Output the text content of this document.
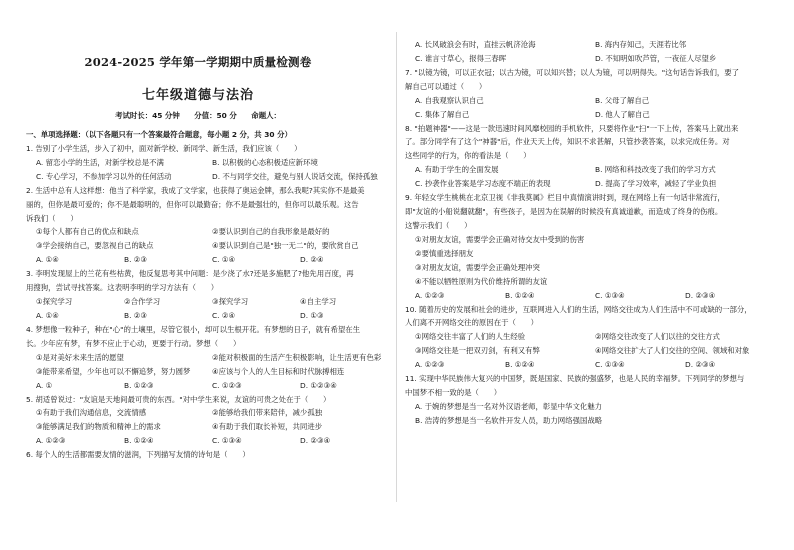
2024-2025 学年第一学期期中质量检测卷
七年级道德与法治
考试时长：45 分钟 分值：50 分 命题人：
一、单项选择题：（以下各题只有一个答案最符合题意，每小题 2 分，共 30 分）
1. 告别了小学生活，步入了初中，面对新学校、新同学、新生活，我们应该（　　）
A. 留恋小学的生活，对新学校总是不满	B. 以积极的心态积极适应新环境
C. 专心学习，不参加学习以外的任何活动	D. 不与同学交往，避免与别人说话交流，保持孤独
2. 生活中总有人这样想：他当了科学家，我成了文学家，也获得了奥运金牌，那么我呢?其实你不是最美
丽的，但你是最可爱的；你不是最聪明的，但你可以最勤奋；你不是最强壮的，但你可以最乐观。这告
诉我们（　　）
①每个人都有自己的优点和缺点	②要认识到自己的自我形象是最好的
③学会接纳自己，要忽视自己的缺点	④要认识到自己是"独一无二"的，要欣赏自己
A. ①④	B. ②③	C. ①④	D. ②④
3. 李明发现屋上的兰花有些枯黄，他反复思考其中问题：是少浇了水?还是多施肥了?他先用百度，再
用搜狗，尝试寻找答案。这表明李明的学习方法有（　　）
①探究学习	②合作学习	③探究学习	④自主学习
A. ①④	B. ②③	C. ②④	D. ①③
4. 梦想像一粒种子，种在"心"的土壤里，尽管它很小，却可以生根开花。有梦想的日子，就有希望在生
长。少年应有梦，有梦不应止于心动，更要于行动。梦想（　　）
①是对美好未来生活的愿望	②能对积极面的生活产生积极影响，让生活更有色彩
③能带来希望，少年也可以不懈追梦，努力圆梦	④应该与个人的人生目标和时代脉搏相连
A. ①	B. ①②③	C. ①②③	D. ①②③④
5. 胡适曾说过："友谊是天地间最可贵的东西。"对中学生来说，友谊的可贵之处在于（　　）
①有助于我们沟通信息，交流情感	②能够给我们带来陪伴，减少孤独
③能够满足我们的物质和精神上的需求	④有助于我们取长补短，共同进步
A. ①②③	B. ①②④	C. ①③④	D. ②③④
6. 每个人的生活都需要友情的滋润，下列描写友情的诗句是（　　）
A. 长风破浪会有时，直挂云帆济沧海	B. 海内存知己，天涯若比邻
C. 谁言寸草心，报得三春晖	D. 不知明如吹芦管，一夜征人尽望乡
7. "以镜为镜，可以正衣冠；以古为镜，可以知兴替；以人为镜，可以明得失。"这句话告诉我们，要了
解自己可以通过（　　）
A. 自我观察认识自己	B. 父母了解自己
C. 集体了解自己	D. 他人了解自己
8. "拍题神器"——这是一款迅速时间风靡校园的手机软件，只要将作业"扫"一下上传，答案马上就出来
了。部分同学有了这个"神器"后，作业天天上传，知识不求甚解，只管抄袭答案，以求完成任务。对
这些同学的行为，你的看法是（　　）
A. 有助于学生的全面发展	B. 网络和科技改变了我们的学习方式
C. 抄袭作业答案是学习态度不端正的表现	D. 提高了学习效率，减轻了学业负担
9. 年轻女学生桃桃在北京卫视《非我莫属》栏目中真情演讲时到，现在网络上有一句话非常流行，
即"友谊的小船说翻就翻"，有些孩子，是因为在误解的时候没有真诚道歉，而造成了终身的伤痕。
这警示我们（　　）
①对朋友友谊，需要学会正确对待交友中受到的伤害
②要慎重选择朋友
③对朋友友谊，需要学会正确处理冲突
④不能以牺牲原则为代价维持所谓的友谊
A. ①②③	B. ①②④	C. ①③④	D. ②③④
10. 随着历史的发展和社会的进步，互联网进入人们的生活，网络交往成为人们生活中不可或缺的一部分，
人们离不开网络交往的原因在于（　　）
①网络交往丰富了人们的人生经验	②网络交往改变了人们以往的交往方式
③网络交往是一把双刃剑，有利又有弊	④网络交往扩大了人们交往的空间、领域和对象
A. ①②③	B. ①②④	C. ①③④	D. ②③④
11. 实现中华民族伟大复兴的中国梦，既是国家、民族的强盛梦，也是人民的幸福梦。下列同学的梦想与
中国梦不相一致的是（　　）
A. 于婉的梦想是当一名对外汉语老师，彰显中华文化魅力
B. 浩涛的梦想是当一名软件开发人员，助力网络强国战略
